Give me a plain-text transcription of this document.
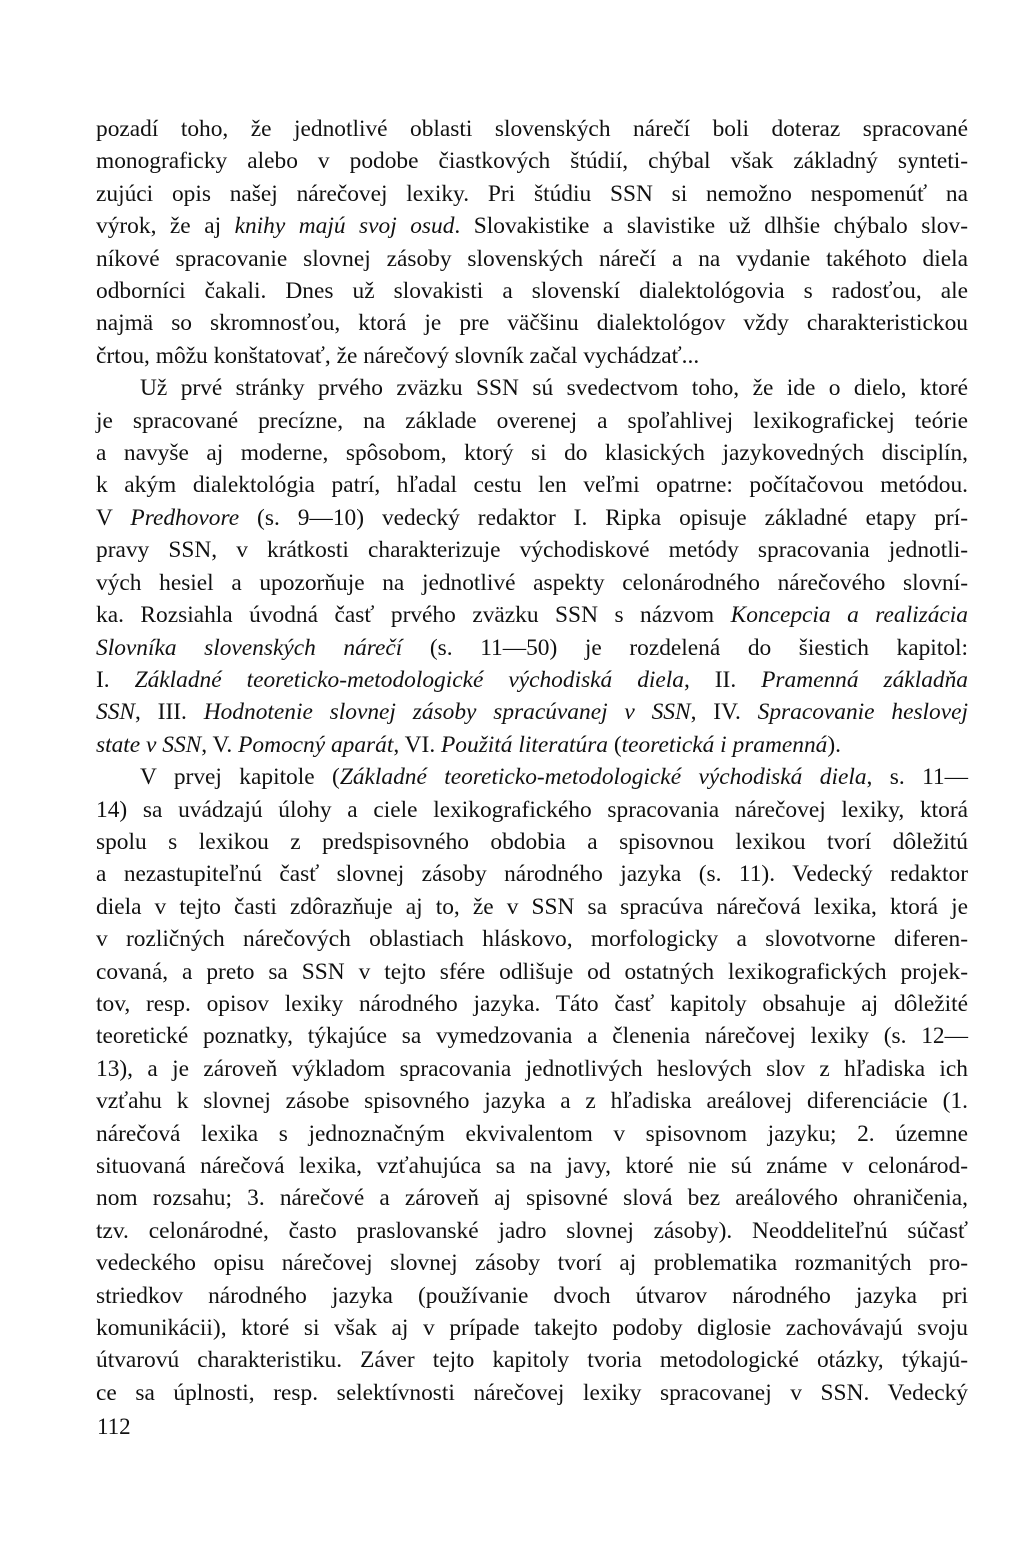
pozadí toho, že jednotlivé oblasti slovenských nárečí boli doteraz spracované
monograficky alebo v podobe čiastkových štúdií, chýbal však základný synteti-
zujúci opis našej nárečovej lexiky. Pri štúdiu SSN si nemožno nespomenúť na
výrok, že aj knihy majú svoj osud. Slovakistike a slavistike už dlhšie chýbalo slov-
níkové spracovanie slovnej zásoby slovenských nárečí a na vydanie takéhoto diela
odborníci čakali. Dnes už slovakisti a slovenskí dialektológovia s radosťou, ale
najmä so skromnosťou, ktorá je pre väčšinu dialektológov vždy charakteristickou
črtou, môžu konštatovať, že nárečový slovník začal vychádzať...
Už prvé stránky prvého zväzku SSN sú svedectvom toho, že ide o dielo, ktoré
je spracované precízne, na základe overenej a spoľahlivej lexikografickej teórie
a navyše aj moderne, spôsobom, ktorý si do klasických jazykovedných disciplín,
k akým dialektológia patrí, hľadal cestu len veľmi opatrne: počítačovou metódou.
V Predhovore (s. 9—10) vedecký redaktor I. Ripka opisuje základné etapy prí-
pravy SSN, v krátkosti charakterizuje východiskové metódy spracovania jednotli-
vých hesiel a upozorňuje na jednotlivé aspekty celonárodného nárečového slovní-
ka. Rozsiahla úvodná časť prvého zväzku SSN s názvom Koncepcia a realizácia
Slovníka slovenských nárečí (s. 11—50) je rozdelená do šiestich kapitol:
I. Základné teoreticko-metodologické východiská diela, II. Pramenná základňa
SSN, III. Hodnotenie slovnej zásoby spracúvanej v SSN, IV. Spracovanie heslovej
state v SSN, V. Pomocný aparát, VI. Použitá literatúra (teoretická i pramenná).
V prvej kapitole (Základné teoreticko-metodologické východiská diela, s. 11—
14) sa uvádzajú úlohy a ciele lexikografického spracovania nárečovej lexiky, ktorá
spolu s lexikou z predspisovného obdobia a spisovnou lexikou tvorí dôležitú
a nezastupiteľnú časť slovnej zásoby národného jazyka (s. 11). Vedecký redaktor
diela v tejto časti zdôrazňuje aj to, že v SSN sa spracúva nárečová lexika, ktorá je
v rozličných nárečových oblastiach hláskovo, morfologicky a slovotvorne diferen-
covaná, a preto sa SSN v tejto sfére odlišuje od ostatných lexikografických projek-
tov, resp. opisov lexiky národného jazyka. Táto časť kapitoly obsahuje aj dôležité
teoretické poznatky, týkajúce sa vymedzovania a členenia nárečovej lexiky (s. 12—
13), a je zároveň výkladom spracovania jednotlivých heslových slov z hľadiska ich
vzťahu k slovnej zásobe spisovného jazyka a z hľadiska areálovej diferenciácie (1.
nárečová lexika s jednoznačným ekvivalentom v spisovnom jazyku; 2. územne
situovaná nárečová lexika, vzťahujúca sa na javy, ktoré nie sú známe v celonárod-
nom rozsahu; 3. nárečové a zároveň aj spisovné slová bez areálového ohraničenia,
tzv. celonárodné, často praslovanské jadro slovnej zásoby). Neoddeliteľnú súčasť
vedeckého opisu nárečovej slovnej zásoby tvorí aj problematika rozmanitých pro-
striedkov národného jazyka (používanie dvoch útvarov národného jazyka pri
komunikácii), ktoré si však aj v prípade takejto podoby diglosie zachovávajú svoju
útvarovú charakteristiku. Záver tejto kapitoly tvoria metodologické otázky, týkajú-
ce sa úplnosti, resp. selektívnosti nárečovej lexiky spracovanej v SSN. Vedecký
112
